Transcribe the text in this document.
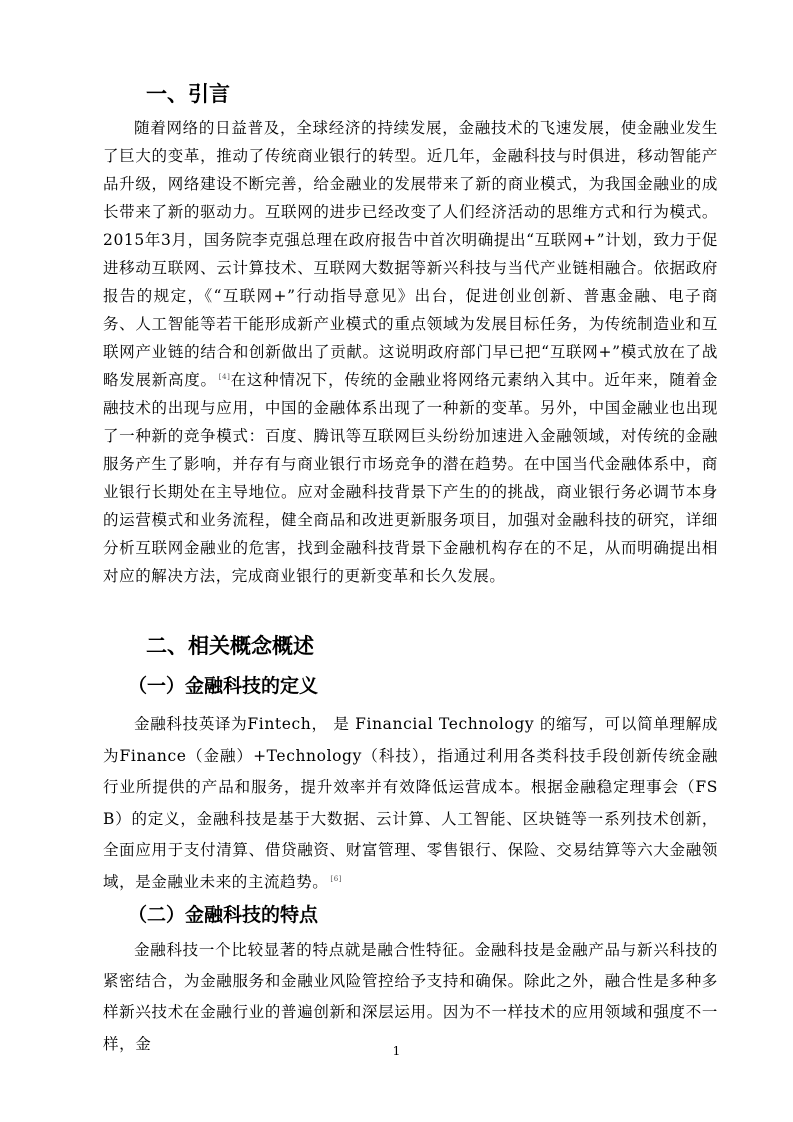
一、引言

随着网络的日益普及，全球经济的持续发展，金融技术的飞速发展，使金融业发生了巨大的变革，推动了传统商业银行的转型。近几年，金融科技与时俱进，移动智能产品升级，网络建设不断完善，给金融业的发展带来了新的商业模式，为我国金融业的成长带来了新的驱动力。互联网的进步已经改变了人们经济活动的思维方式和行为模式。2015年3月，国务院李克强总理在政府报告中首次明确提出“互联网+”计划，致力于促进移动互联网、云计算技术、互联网大数据等新兴科技与当代产业链相融合。依据政府报告的规定，《“互联网+”行动指导意见》出台，促进创业创新、普惠金融、电子商务、人工智能等若干能形成新产业模式的重点领域为发展目标任务，为传统制造业和互联网产业链的结合和创新做出了贡献。这说明政府部门早已把“互联网+”模式放在了战略发展新高度。 [4]在这种情况下，传统的金融业将网络元素纳入其中。近年来，随着金融技术的出现与应用，中国的金融体系出现了一种新的变革。另外，中国金融业也出现了一种新的竞争模式：百度、腾讯等互联网巨头纷纷加速进入金融领域，对传统的金融服务产生了影响，并存有与商业银行市场竞争的潜在趋势。在中国当代金融体系中，商业银行长期处在主导地位。应对金融科技背景下产生的的挑战，商业银行务必调节本身的运营模式和业务流程，健全商品和改进更新服务项目，加强对金融科技的研究，详细分析互联网金融业的危害，找到金融科技背景下金融机构存在的不足，从而明确提出相对应的解决方法，完成商业银行的更新变革和长久发展。

二、相关概念概述
（一）金融科技的定义

金融科技英译为Fintech， 是 Financial Technology 的缩写，可以简单理解成为Finance（金融）+Technology（科技），指通过利用各类科技手段创新传统金融行业所提供的产品和服务，提升效率并有效降低运营成本。根据金融稳定理事会（FSB）的定义，金融科技是基于大数据、云计算、人工智能、区块链等一系列技术创新，全面应用于支付清算、借贷融资、财富管理、零售银行、保险、交易结算等六大金融领域，是金融业未来的主流趋势。 [6]

（二）金融科技的特点

金融科技一个比较显著的特点就是融合性特征。金融科技是金融产品与新兴科技的紧密结合，为金融服务和金融业风险管控给予支持和确保。除此之外，融合性是多种多样新兴技术在金融行业的普遍创新和深层运用。因为不一样技术的应用领域和强度不一样，金	1
